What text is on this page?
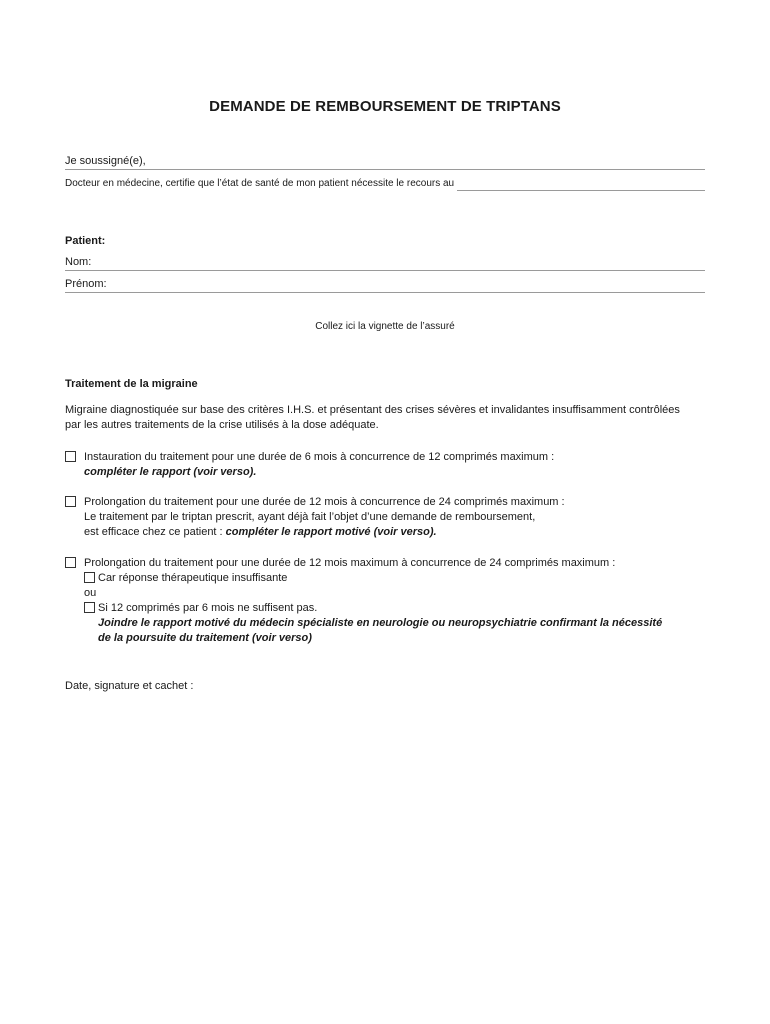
DEMANDE DE REMBOURSEMENT DE TRIPTANS
Je soussigné(e),
Docteur en médecine, certifie que l’état de santé de mon patient nécessite le recours au
Patient:
Nom:
Prénom:
Collez ici la vignette de l’assuré
Traitement de la migraine
Migraine diagnostiquée sur base des critères I.H.S. et présentant des crises sévères et invalidantes insuffisamment contrôlées
par les autres traitements de la crise utilisés à la dose adéquate.
Instauration du traitement pour une durée de 6 mois à concurrence de 12 comprimés maximum :
compléter le rapport (voir verso).
Prolongation du traitement pour une durée de 12 mois à concurrence de 24 comprimés maximum :
Le traitement par le triptan prescrit, ayant déjà fait l’objet d’une demande de remboursement,
est efficace chez ce patient : compléter le rapport motivé (voir verso).
Prolongation du traitement pour une durée de 12 mois maximum à concurrence de 24 comprimés maximum :
Car réponse thérapeutique insuffisante
ou
Si 12 comprimés par 6 mois ne suffisent pas.
Joindre le rapport motivé du médecin spécialiste en neurologie ou neuropsychiatrie confirmant la nécessité
de la poursuite du traitement (voir verso)
Date, signature et cachet :
